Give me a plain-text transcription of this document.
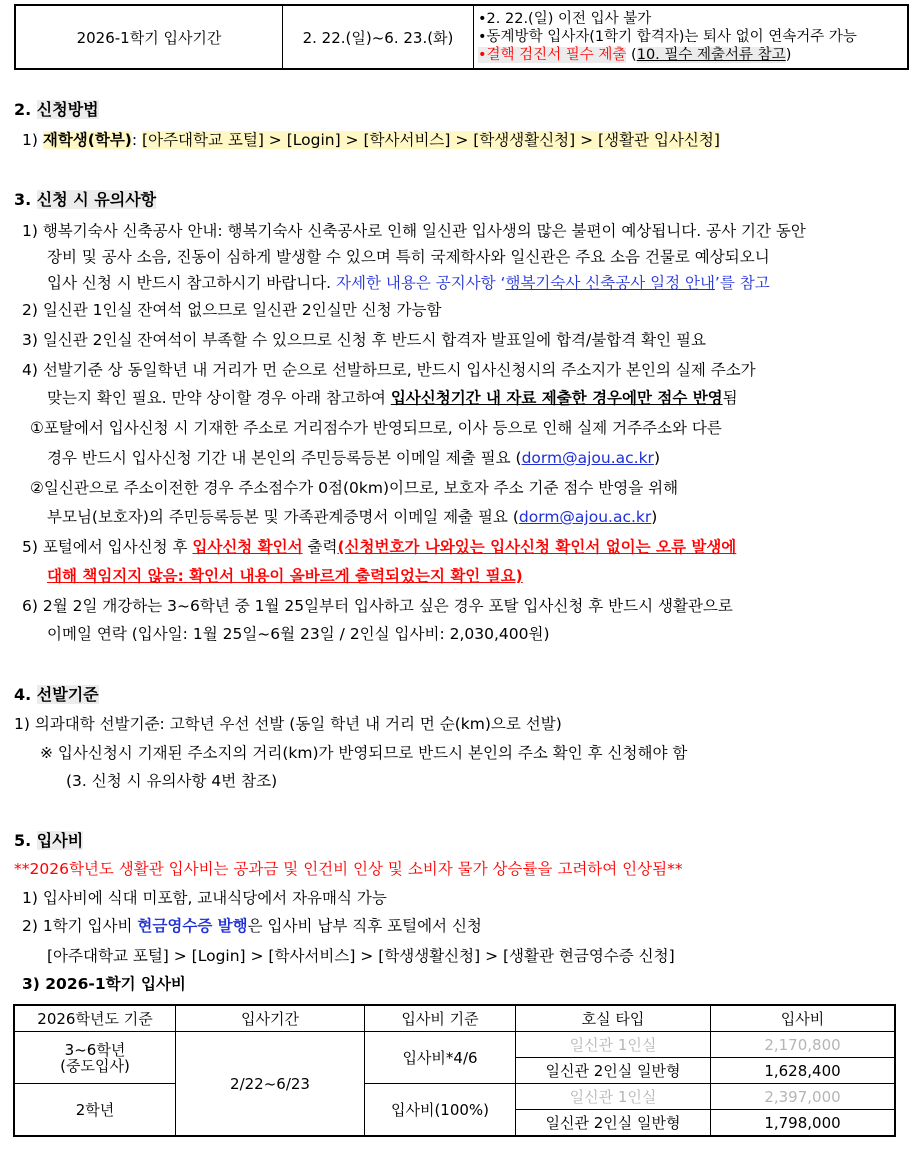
2026-1학기 입사기간	2. 22.(일)~6. 23.(화)	
•2. 22.(일) 이전 입사 불가
•동계방학 입사자(1학기 합격자)는 퇴사 없이 연속거주 가능
•결핵 검진서 필수 제출 (10. 필수 제출서류 참고)
2. 신청방법
1) 재학생(학부): [아주대학교 포털] > [Login] > [학사서비스] > [학생생활신청] > [생활관 입사신청]
3. 신청 시 유의사항
1) 행복기숙사 신축공사 안내: 행복기숙사 신축공사로 인해 일신관 입사생의 많은 불편이 예상됩니다. 공사 기간 동안
장비 및 공사 소음, 진동이 심하게 발생할 수 있으며 특히 국제학사와 일신관은 주요 소음 건물로 예상되오니
입사 신청 시 반드시 참고하시기 바랍니다. 자세한 내용은 공지사항 ‘행복기숙사 신축공사 일정 안내’를 참고
2) 일신관 1인실 잔여석 없으므로 일신관 2인실만 신청 가능함
3) 일신관 2인실 잔여석이 부족할 수 있으므로 신청 후 반드시 합격자 발표일에 합격/불합격 확인 필요
4) 선발기준 상 동일학년 내 거리가 먼 순으로 선발하므로, 반드시 입사신청시의 주소지가 본인의 실제 주소가
맞는지 확인 필요. 만약 상이할 경우 아래 참고하여 입사신청기간 내 자료 제출한 경우에만 점수 반영됨
①포탈에서 입사신청 시 기재한 주소로 거리점수가 반영되므로, 이사 등으로 인해 실제 거주주소와 다른
경우 반드시 입사신청 기간 내 본인의 주민등록등본 이메일 제출 필요 (dorm@ajou.ac.kr)
②일신관으로 주소이전한 경우 주소점수가 0점(0km)이므로, 보호자 주소 기준 점수 반영을 위해
부모님(보호자)의 주민등록등본 및 가족관계증명서 이메일 제출 필요 (dorm@ajou.ac.kr)
5) 포털에서 입사신청 후 입사신청 확인서 출력(신청번호가 나와있는 입사신청 확인서 없이는 오류 발생에
대해 책임지지 않음: 확인서 내용이 올바르게 출력되었는지 확인 필요)
6) 2월 2일 개강하는 3~6학년 중 1월 25일부터 입사하고 싶은 경우 포탈 입사신청 후 반드시 생활관으로
이메일 연락 (입사일: 1월 25일~6월 23일 / 2인실 입사비: 2,030,400원)
4. 선발기준
1) 의과대학 선발기준: 고학년 우선 선발 (동일 학년 내 거리 먼 순(km)으로 선발)
※ 입사신청시 기재된 주소지의 거리(km)가 반영되므로 반드시 본인의 주소 확인 후 신청해야 함
(3. 신청 시 유의사항 4번 참조)
5. 입사비
**2026학년도 생활관 입사비는 공과금 및 인건비 인상 및 소비자 물가 상승률을 고려하여 인상됨**
1) 입사비에 식대 미포함, 교내식당에서 자유매식 가능
2) 1학기 입사비 현금영수증 발행은 입사비 납부 직후 포털에서 신청
[아주대학교 포털] > [Login] > [학사서비스] > [학생생활신청] > [생활관 현금영수증 신청]
3) 2026-1학기 입사비
2026학년도 기준	입사기간	입사비 기준	호실 타입	입사비
3~6학년
(중도입사)	2/22~6/23	입사비*4/6	일신관 1인실	2,170,800
			일신관 2인실 일반형	1,628,400
2학년		입사비(100%)	일신관 1인실	2,397,000
			일신관 2인실 일반형	1,798,000
